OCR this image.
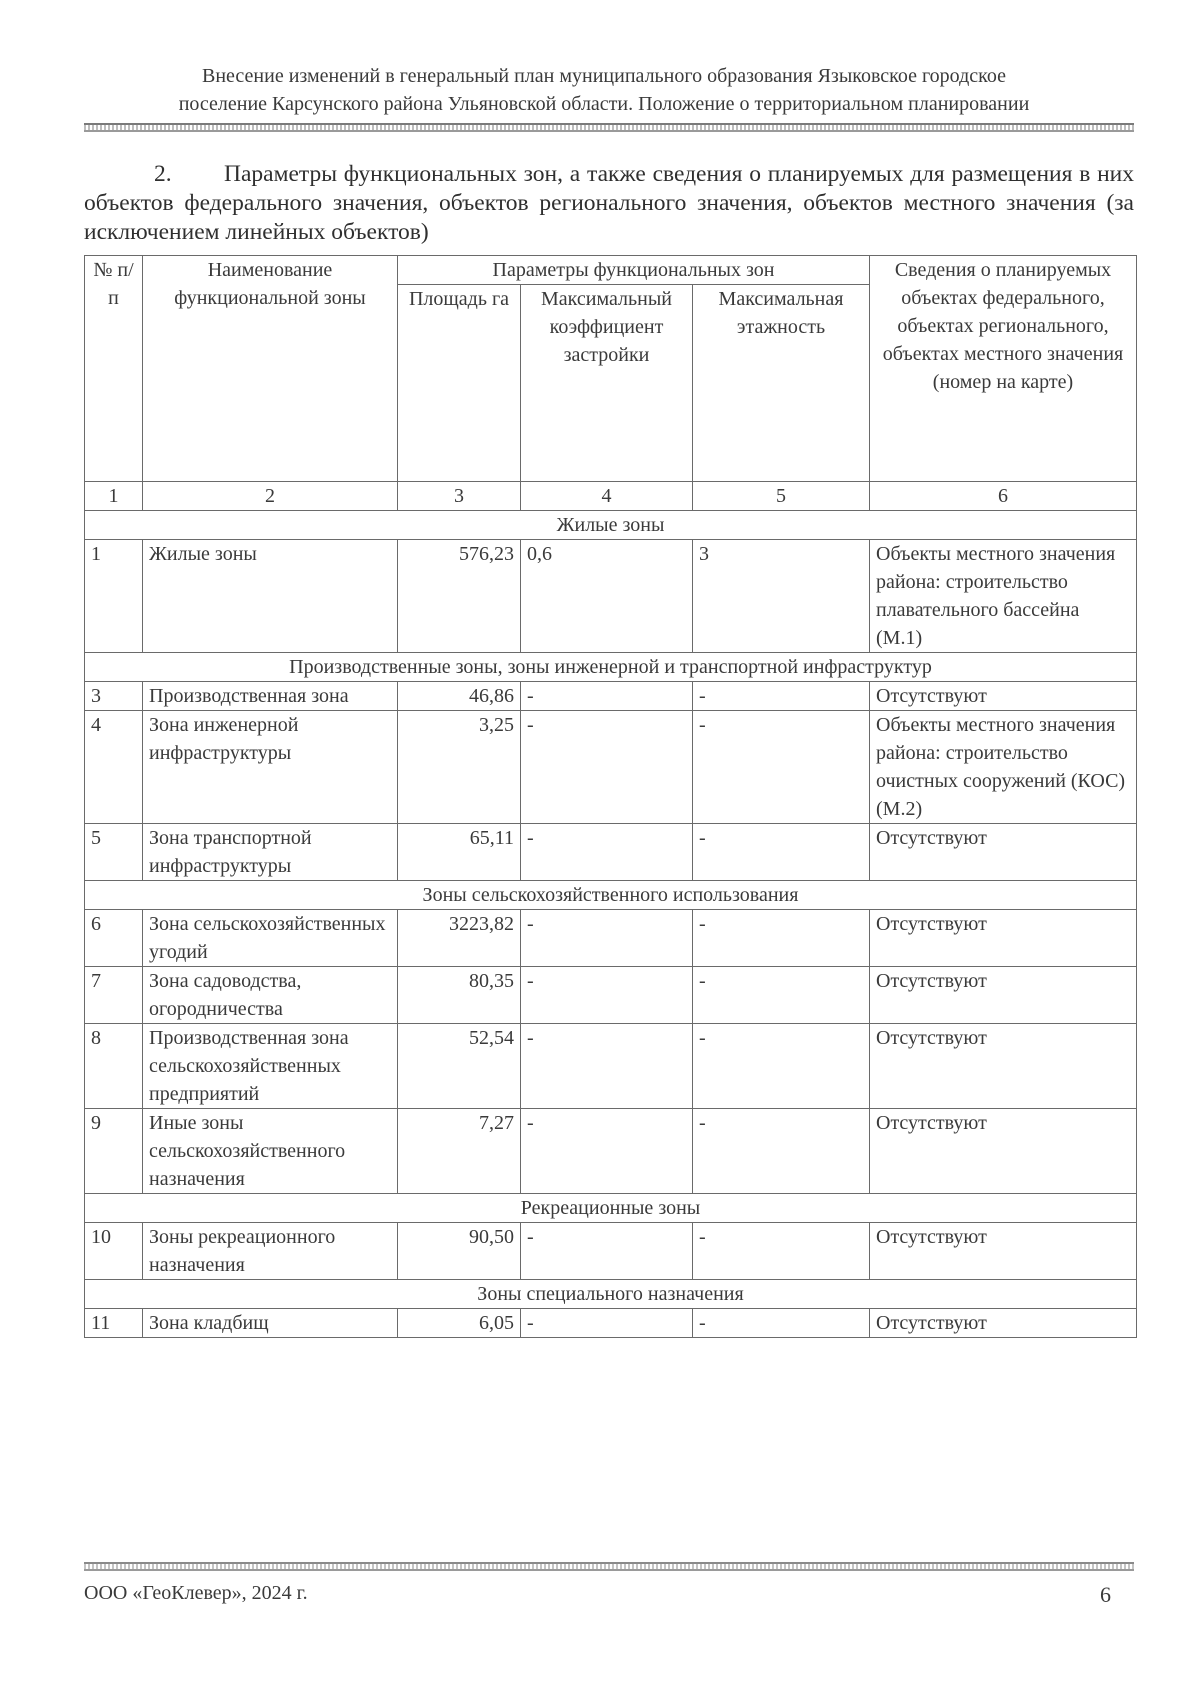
Внесение изменений в генеральный план муниципального образования Языковское городское
поселение Карсунского района Ульяновской области. Положение о территориальном планировании

2. Параметры функциональных зон, а также сведения о планируемых для размещения в них объектов федерального значения, объектов регионального значения, объектов местного значения (за исключением линейных объектов)

№ п/п	Наименование функциональной зоны	Параметры функциональных зон			Сведения о планируемых объектах федерального, объектах регионального, объектах местного значения (номер на карте)
		Площадь га	Максимальный коэффициент застройки	Максимальная этажность	
1	2	3	4	5	6
Жилые зоны					
1	Жилые зоны	576,23	0,6	3	Объекты местного значения района: строительство плавательного бассейна (М.1)
Производственные зоны, зоны инженерной и транспортной инфраструктур					
3	Производственная зона	46,86	-	-	Отсутствуют
4	Зона инженерной инфраструктуры	3,25	-	-	Объекты местного значения района: строительство очистных сооружений (КОС) (М.2)
5	Зона транспортной инфраструктуры	65,11	-	-	Отсутствуют
Зоны сельскохозяйственного использования					
6	Зона сельскохозяйственных угодий	3223,82	-	-	Отсутствуют
7	Зона садоводства, огородничества	80,35	-	-	Отсутствуют
8	Производственная зона сельскохозяйственных предприятий	52,54	-	-	Отсутствуют
9	Иные зоны сельскохозяйственного назначения	7,27	-	-	Отсутствуют
Рекреационные зоны					
10	Зоны рекреационного назначения	90,50	-	-	Отсутствуют
Зоны специального назначения					
11	Зона кладбищ	6,05	-	-	Отсутствуют
ООО «ГеоКлевер», 2024 г.	6
